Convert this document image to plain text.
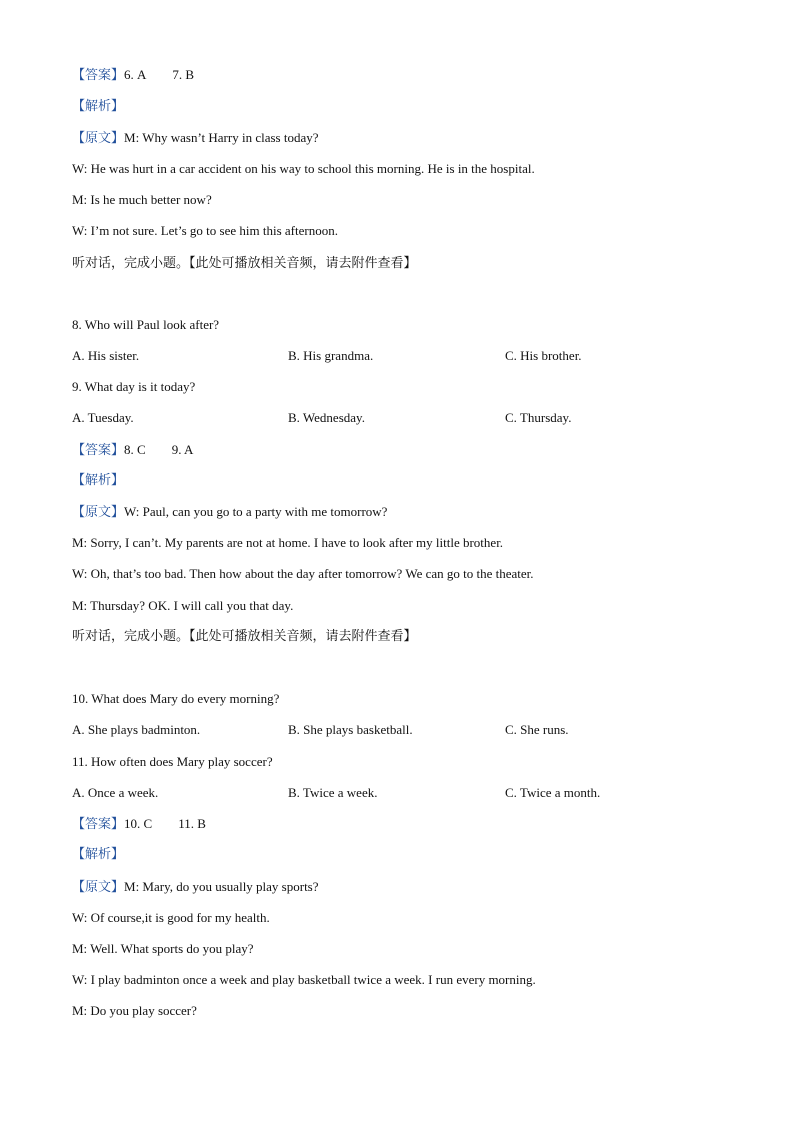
【答案】6. A 7. B
【解析】
【原文】M: Why wasn’t Harry in class today?
W: He was hurt in a car accident on his way to school this morning. He is in the hospital.
M: Is he much better now?
W: I’m not sure. Let’s go to see him this afternoon.
听对话，完成小题。【此处可播放相关音频，请去附件查看】
8. Who will Paul look after?
A. His sister.	B. His grandma.	C. His brother.
9. What day is it today?
A. Tuesday.	B. Wednesday.	C. Thursday.
【答案】8. C 9. A
【解析】
【原文】W: Paul, can you go to a party with me tomorrow?
M: Sorry, I can’t. My parents are not at home. I have to look after my little brother.
W: Oh, that’s too bad. Then how about the day after tomorrow? We can go to the theater.
M: Thursday? OK. I will call you that day.
听对话，完成小题。【此处可播放相关音频，请去附件查看】
10. What does Mary do every morning?
A. She plays badminton.	B. She plays basketball.	C. She runs.
11. How often does Mary play soccer?
A. Once a week.	B. Twice a week.	C. Twice a month.
【答案】10. C 11. B
【解析】
【原文】M: Mary, do you usually play sports?
W: Of course,it is good for my health.
M: Well. What sports do you play?
W: I play badminton once a week and play basketball twice a week. I run every morning.
M: Do you play soccer?
